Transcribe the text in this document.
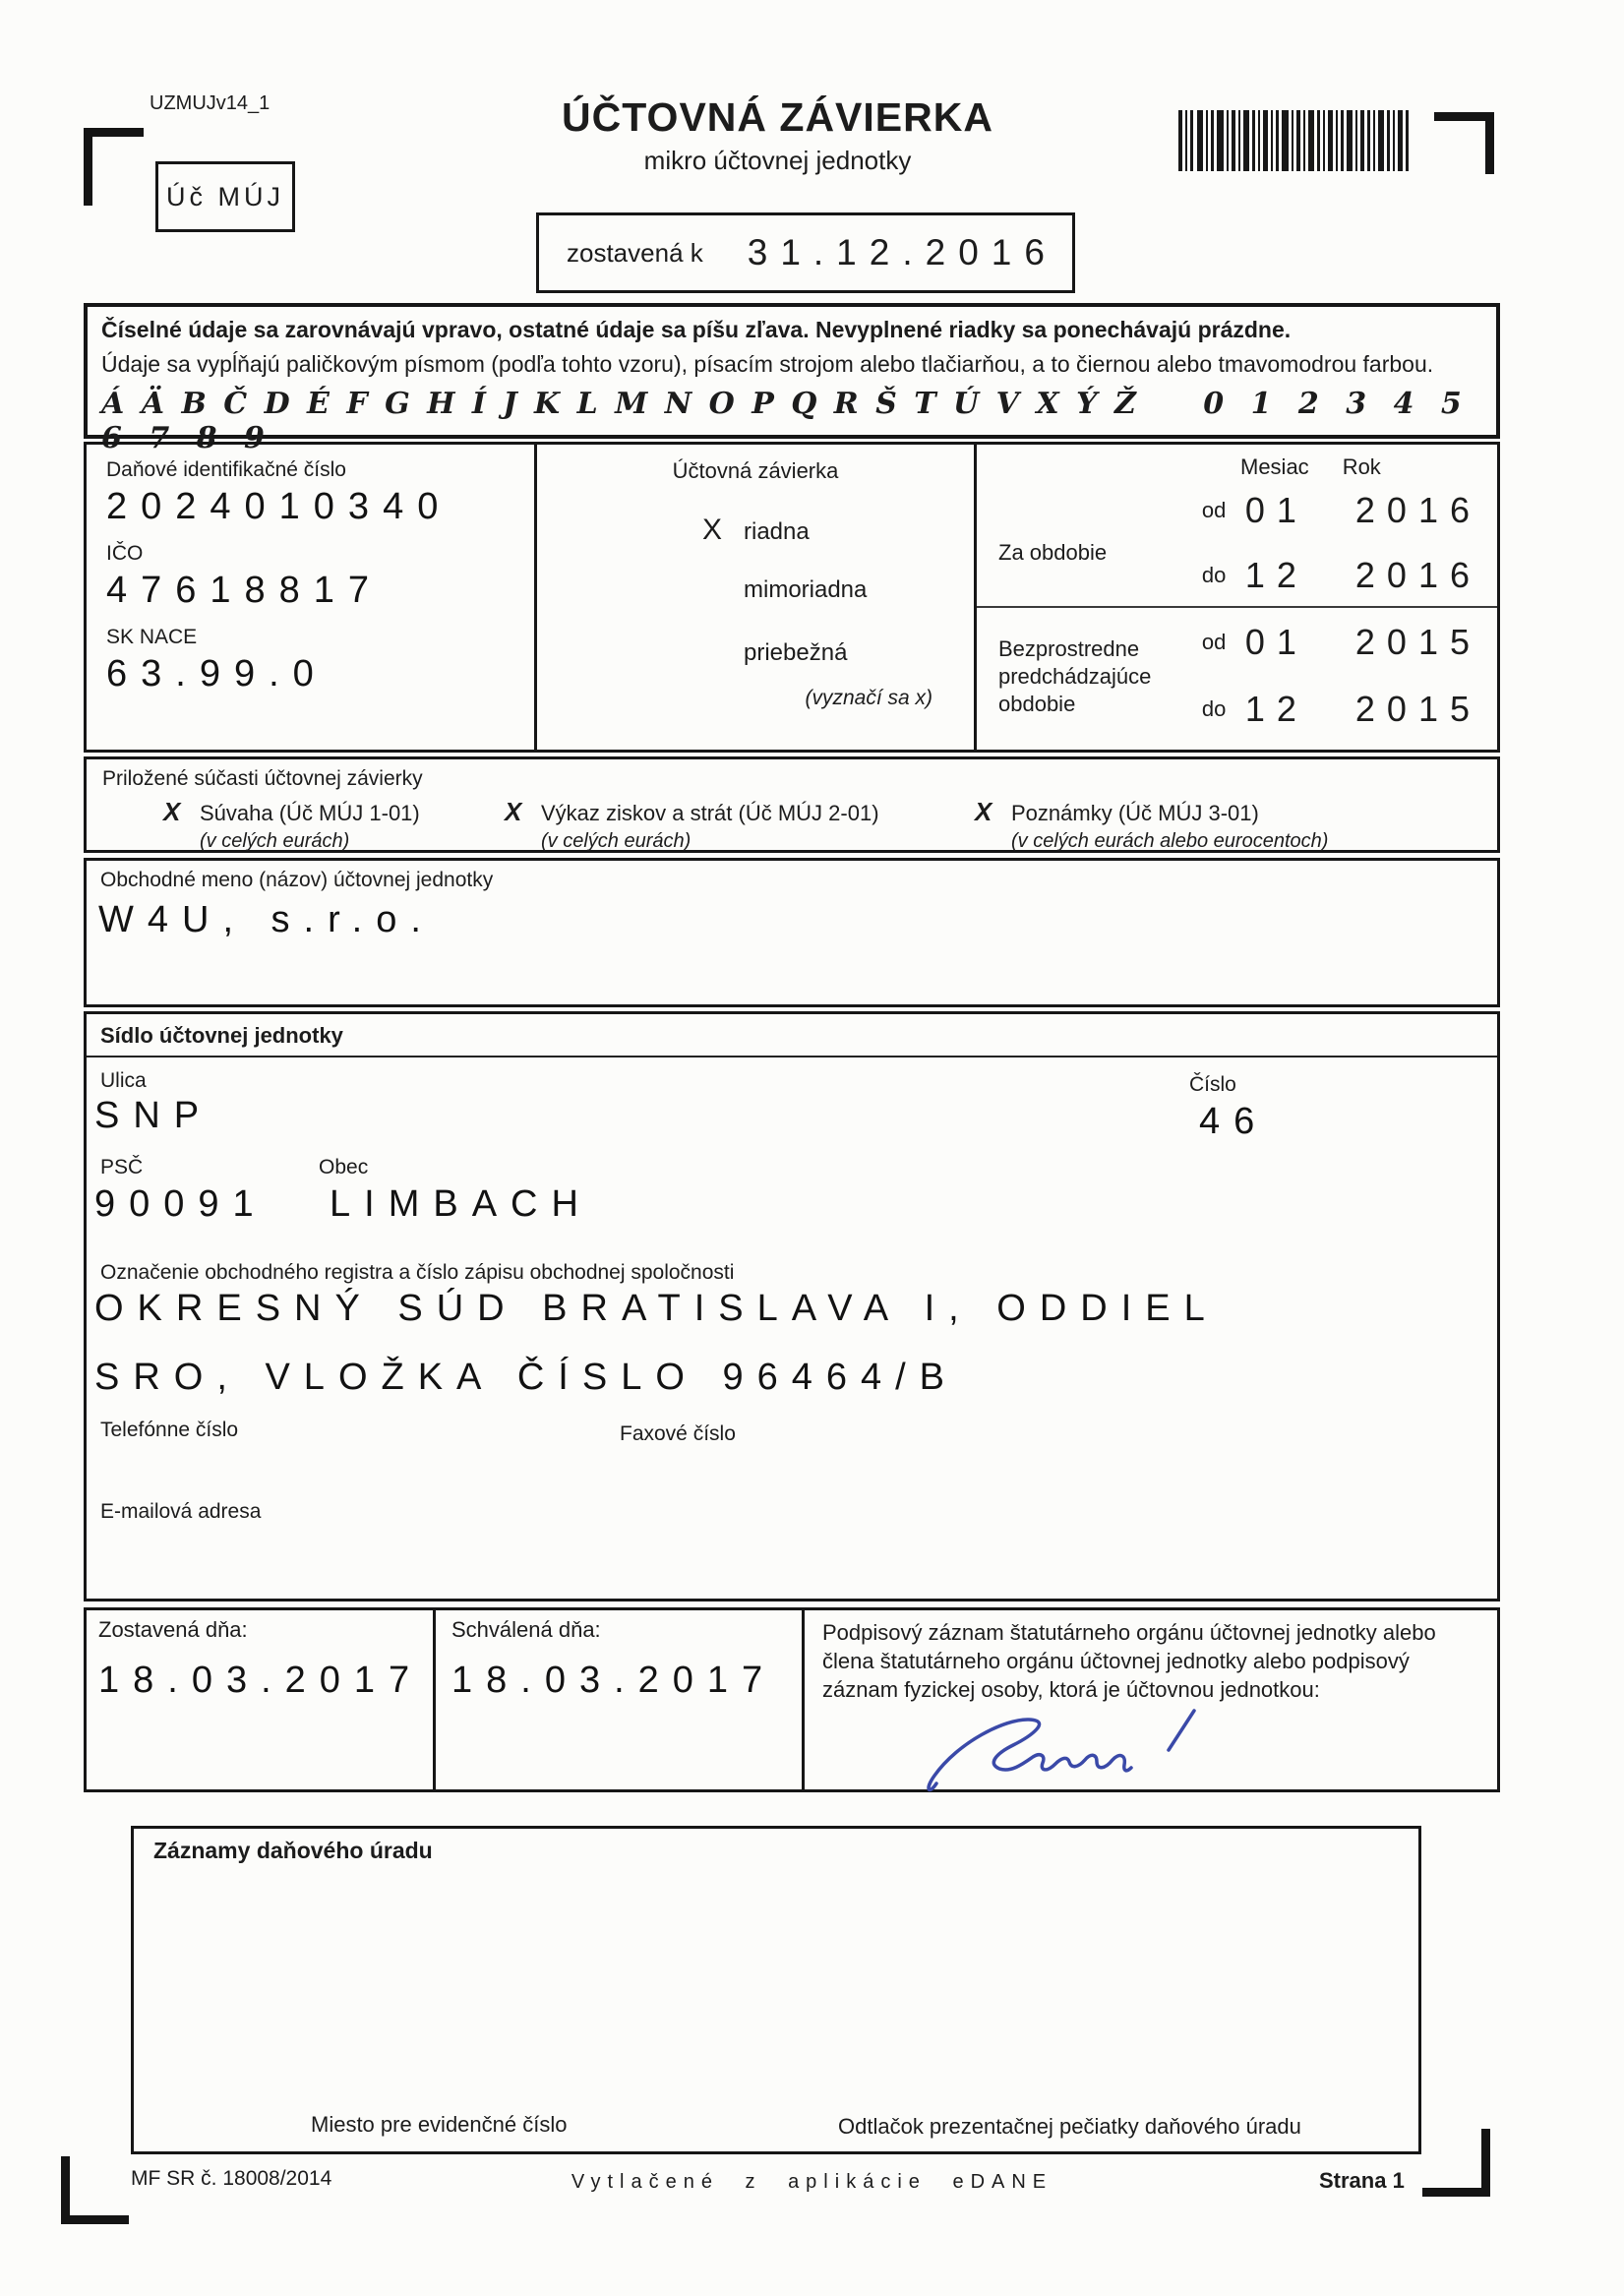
UZMUJv14_1
Úč MÚJ
ÚČTOVNÁ ZÁVIERKA
mikro účtovnej jednotky
zostavená k 31.12.2016
Číselné údaje sa zarovnávajú vpravo, ostatné údaje sa píšu zľava. Nevyplnené riadky sa ponechávajú prázdne.
Údaje sa vypĺňajú paličkovým písmom (podľa tohto vzoru), písacím strojom alebo tlačiarňou, a to čiernou alebo tmavomodrou farbou.
Á Ä B Č D É F G H Í J K L M N O P Q R Š T Ú V X Ý Ž 0 1 2 3 4 5 6 7 8 9
Daňové identifikačné číslo
2024010340
IČO
47618817
SK NACE
63.99.0
Účtovná závierka
X riadna
mimoriadna
priebežná
(vyznačí sa x)
Mesiac Rok
Za obdobie
od 01	2016
do 12	2016
Bezprostredne predchádzajúce obdobie
od 01	2015
do 12	2015
Priložené súčasti účtovnej závierky
X Súvaha (Úč MÚJ 1-01)
(v celých eurách)
X Výkaz ziskov a strát (Úč MÚJ 2-01)
(v celých eurách)
X Poznámky (Úč MÚJ 3-01)
(v celých eurách alebo eurocentoch)
Obchodné meno (názov) účtovnej jednotky
W4U, s.r.o.
Sídlo účtovnej jednotky
Ulica
SNP
Číslo
46
PSČ
90091
Obec
LIMBACH
Označenie obchodného registra a číslo zápisu obchodnej spoločnosti
OKRESNÝ SÚD BRATISLAVA I, ODDIEL
SRO, VLOŽKA ČÍSLO 96464/B
Telefónne číslo	Faxové číslo
E-mailová adresa
Zostavená dňa:
18.03.2017
Schválená dňa:
18.03.2017
Podpisový záznam štatutárneho orgánu účtovnej jednotky alebo člena štatutárneho orgánu účtovnej jednotky alebo podpisový záznam fyzickej osoby, ktorá je účtovnou jednotkou:
Záznamy daňového úradu
Miesto pre evidenčné číslo	Odtlačok prezentačnej pečiatky daňového úradu
MF SR č. 18008/2014	Vytlačené z aplikácie eDANE	Strana 1
